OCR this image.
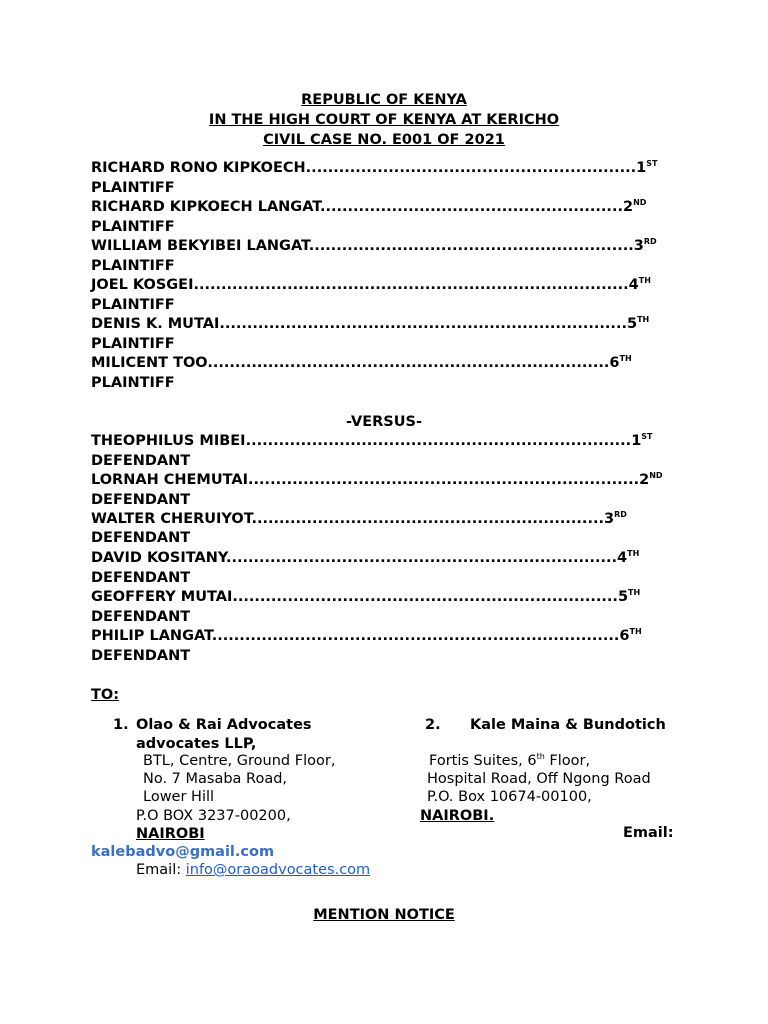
REPUBLIC OF KENYA
IN THE HIGH COURT OF KENYA AT KERICHO
CIVIL CASE NO. E001 OF 2021
RICHARD RONO KIPKOECH............................................................1ST
PLAINTIFF
RICHARD KIPKOECH LANGAT.......................................................2ND
PLAINTIFF
WILLIAM BEKYIBEI LANGAT...........................................................3RD
PLAINTIFF
JOEL KOSGEI...............................................................................4TH
PLAINTIFF
DENIS K. MUTAI..........................................................................5TH
PLAINTIFF
MILICENT TOO.........................................................................6TH
PLAINTIFF
-VERSUS-
THEOPHILUS MIBEI......................................................................1ST
DEFENDANT
LORNAH CHEMUTAI.......................................................................2ND
DEFENDANT
WALTER CHERUIYOT................................................................3RD
DEFENDANT
DAVID KOSITANY.......................................................................4TH
DEFENDANT
GEOFFERY MUTAI......................................................................5TH
DEFENDANT
PHILIP LANGAT..........................................................................6TH
DEFENDANT
TO:
1. Olao & Rai Advocates
advocates LLP,
BTL, Centre, Ground Floor,
No. 7 Masaba Road,
Lower Hill
P.O BOX 3237-00200,
NAIROBI
Email: info@oraoadvocates.com
2. Kale Maina & Bundotich
Fortis Suites, 6th Floor,
Hospital Road, Off Ngong Road
P.O. Box 10674-00100,
NAIROBI.
Email:
kalebadvo@gmail.com
MENTION NOTICE
